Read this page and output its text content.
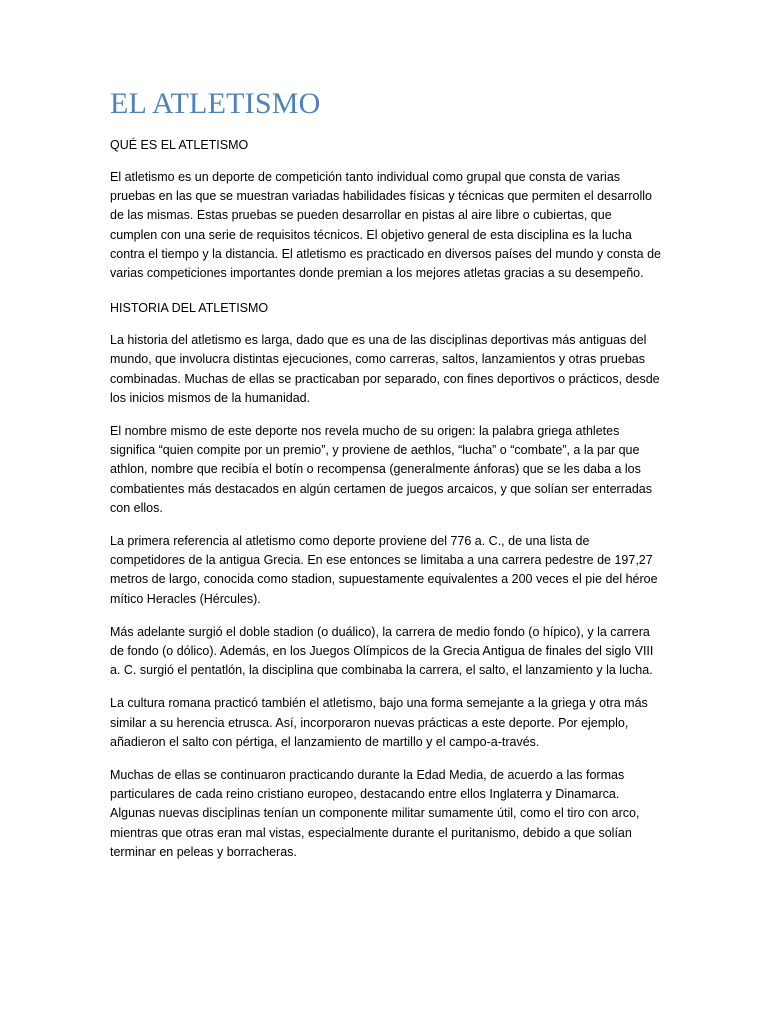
EL ATLETISMO
QUÉ ES EL ATLETISMO

El atletismo es un deporte de competición tanto individual como grupal que consta de varias pruebas en las que se muestran variadas habilidades físicas y técnicas que permiten el desarrollo de las mismas. Estas pruebas se pueden desarrollar en pistas al aire libre o cubiertas, que cumplen con una serie de requisitos técnicos. El objetivo general de esta disciplina es la lucha contra el tiempo y la distancia. El atletismo es practicado en diversos países del mundo y consta de varias competiciones importantes donde premian a los mejores atletas gracias a su desempeño.

HISTORIA DEL ATLETISMO

La historia del atletismo es larga, dado que es una de las disciplinas deportivas más antiguas del mundo, que involucra distintas ejecuciones, como carreras, saltos, lanzamientos y otras pruebas combinadas. Muchas de ellas se practicaban por separado, con fines deportivos o prácticos, desde los inicios mismos de la humanidad.

El nombre mismo de este deporte nos revela mucho de su origen: la palabra griega athletes significa “quien compite por un premio”, y proviene de aethlos, “lucha” o “combate”, a la par que athlon, nombre que recibía el botín o recompensa (generalmente ánforas) que se les daba a los combatientes más destacados en algún certamen de juegos arcaicos, y que solían ser enterradas con ellos.

La primera referencia al atletismo como deporte proviene del 776 a. C., de una lista de competidores de la antigua Grecia. En ese entonces se limitaba a una carrera pedestre de 197,27 metros de largo, conocida como stadion, supuestamente equivalentes a 200 veces el pie del héroe mítico Heracles (Hércules).

Más adelante surgió el doble stadion (o duálico), la carrera de medio fondo (o hípico), y la carrera de fondo (o dólico). Además, en los Juegos Olímpicos de la Grecia Antigua de finales del siglo VIII a. C. surgió el pentatlón, la disciplina que combinaba la carrera, el salto, el lanzamiento y la lucha.

La cultura romana practicó también el atletismo, bajo una forma semejante a la griega y otra más similar a su herencia etrusca. Así, incorporaron nuevas prácticas a este deporte. Por ejemplo, añadieron el salto con pértiga, el lanzamiento de martillo y el campo-a-través.

Muchas de ellas se continuaron practicando durante la Edad Media, de acuerdo a las formas particulares de cada reino cristiano europeo, destacando entre ellos Inglaterra y Dinamarca. Algunas nuevas disciplinas tenían un componente militar sumamente útil, como el tiro con arco, mientras que otras eran mal vistas, especialmente durante el puritanismo, debido a que solían terminar en peleas y borracheras.
